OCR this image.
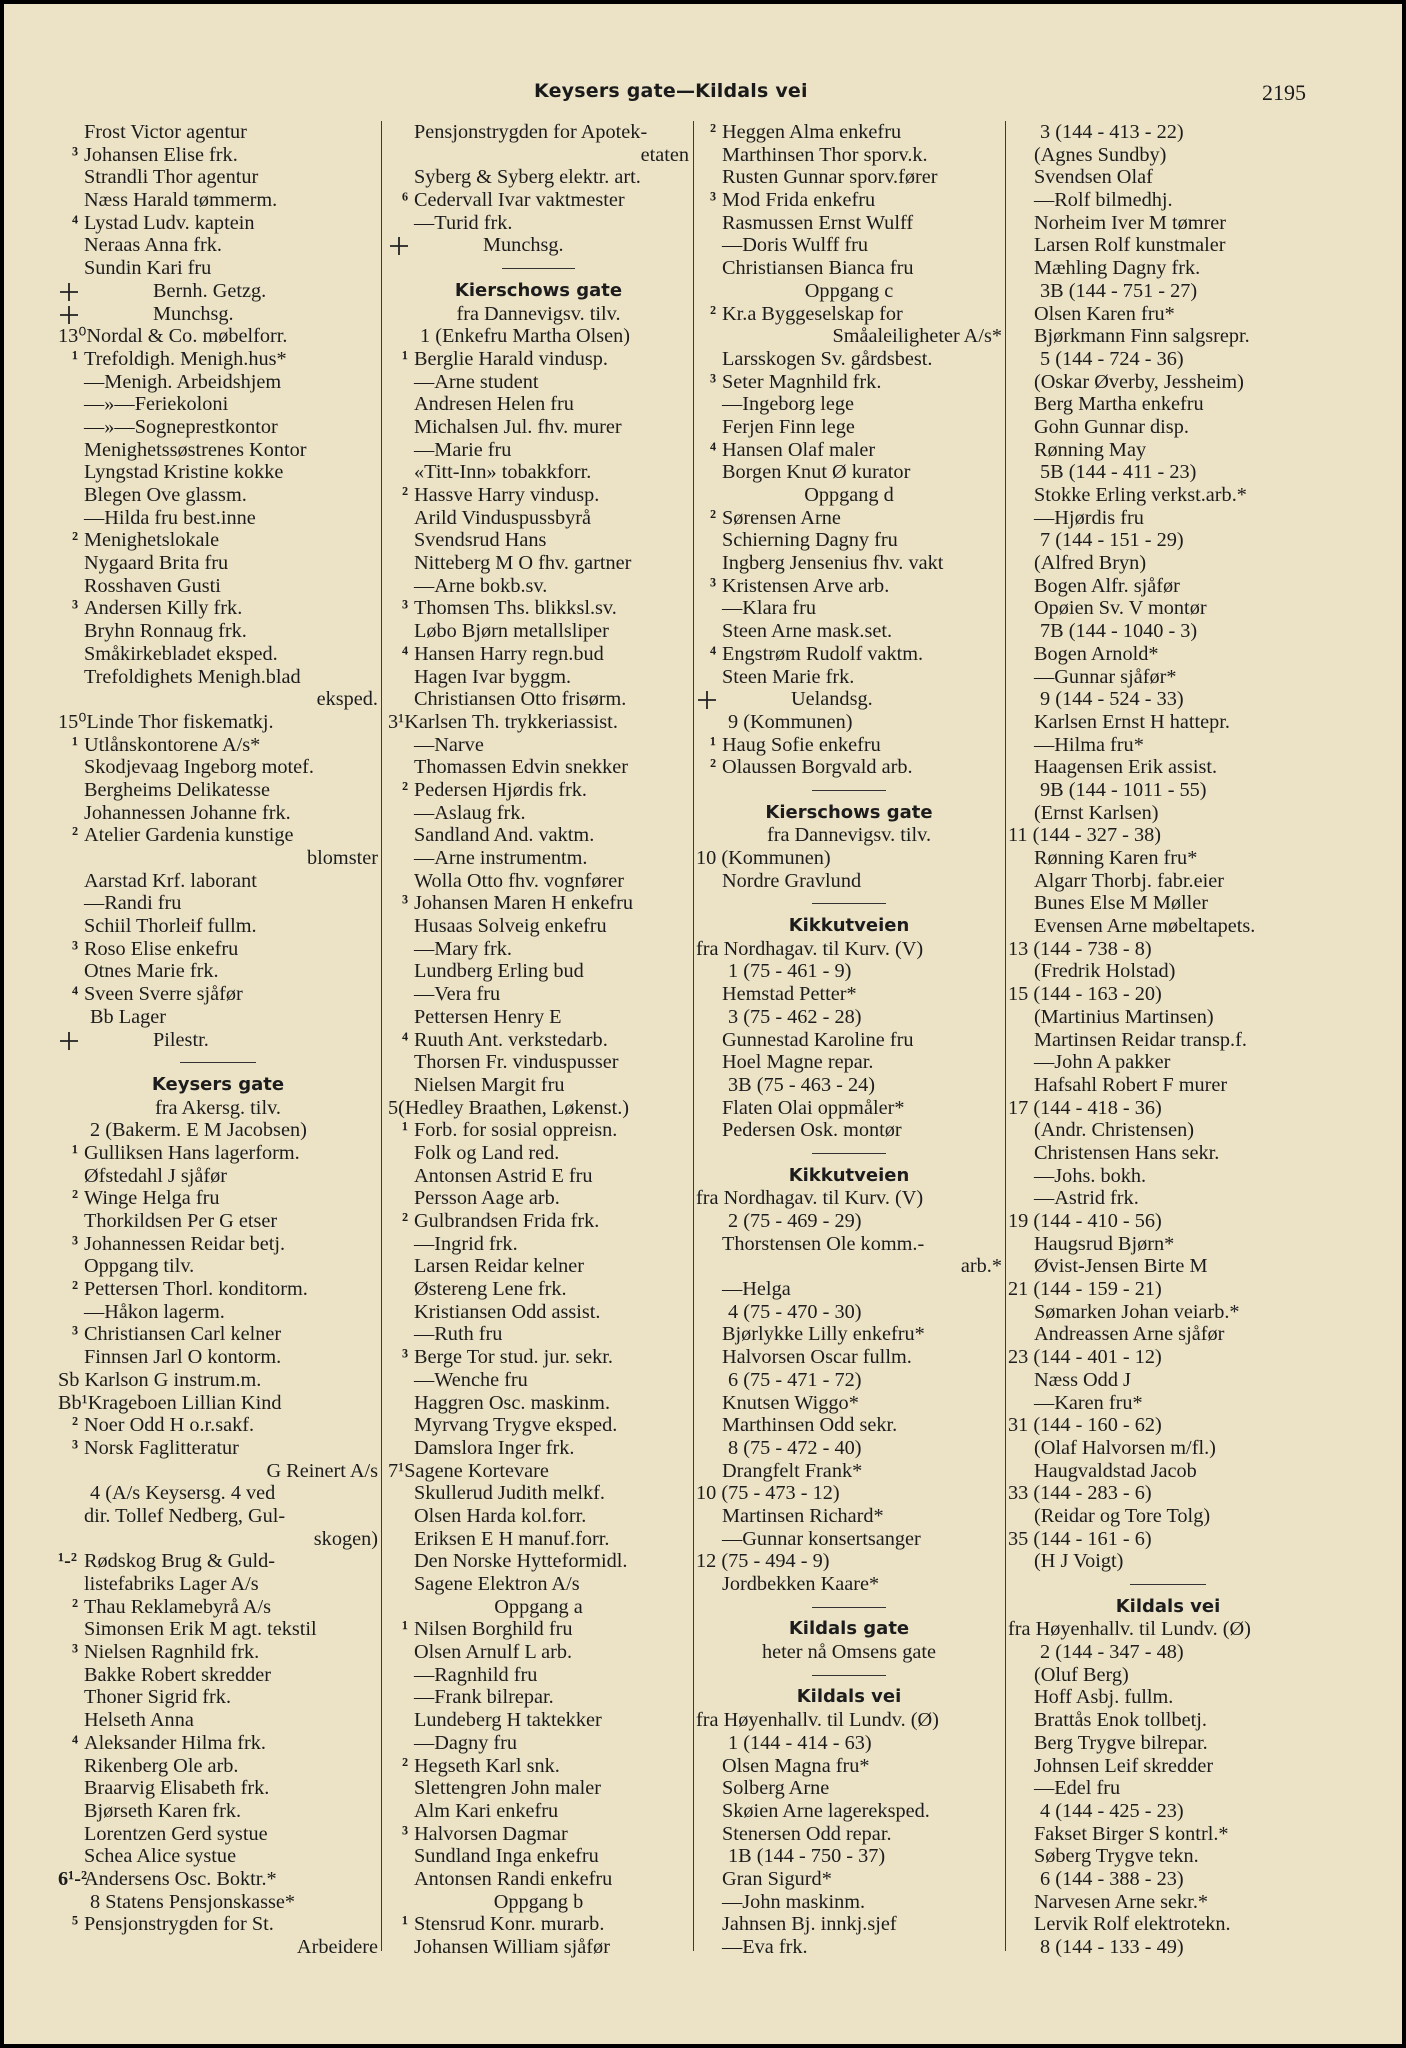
Keysers gate—Kildals vei	2195
Frost Victor agentur
³ Johansen Elise frk.
Strandli Thor agentur
Næss Harald tømmerm.
⁴ Lystad Ludv. kaptein
Neraas Anna frk.
Sundin Kari fru
Bernh. Getzg.
Munchsg.
13⁰Nordal & Co. møbelforr.
¹ Trefoldigh. Menigh.hus*
—Menigh. Arbeidshjem
—»—Feriekoloni
—»—Sogneprestkontor
Menighetssøstrenes Kontor
Lyngstad Kristine kokke
Blegen Ove glassm.
—Hilda fru best.inne
² Menighetslokale
Nygaard Brita fru
Rosshaven Gusti
³ Andersen Killy frk.
Bryhn Ronnaug frk.
Småkirkebladet eksped.
Trefoldighets Menigh.blad
eksped.
15⁰Linde Thor fiskematkj.
¹ Utlånskontorene A/s*
Skodjevaag Ingeborg motef.
Bergheims Delikatesse
Johannessen Johanne frk.
² Atelier Gardenia kunstige
blomster
Aarstad Krf. laborant
—Randi fru
Schiil Thorleif fullm.
³ Roso Elise enkefru
Otnes Marie frk.
⁴ Sveen Sverre sjåfør
Bb Lager
Pilestr.
Keysers gate
fra Akersg. tilv.
2 (Bakerm. E M Jacobsen)
¹ Gulliksen Hans lagerform.
Øfstedahl J sjåfør
² Winge Helga fru
Thorkildsen Per G etser
³ Johannessen Reidar betj.
Oppgang tilv.
² Pettersen Thorl. konditorm.
—Håkon lagerm.
³ Christiansen Carl kelner
Finnsen Jarl O kontorm.
Sb Karlson G instrum.m.
Bb¹Krageboen Lillian Kind
² Noer Odd H o.r.sakf.
³ Norsk Faglitteratur
G Reinert A/s
4 (A/s Keysersg. 4 ved
dir. Tollef Nedberg, Gul-
skogen)
¹‐² Rødskog Brug & Guld-
listefabriks Lager A/s
² Thau Reklamebyrå A/s
Simonsen Erik M agt. tekstil
³ Nielsen Ragnhild frk.
Bakke Robert skredder
Thoner Sigrid frk.
Helseth Anna
⁴ Aleksander Hilma frk.
Rikenberg Ole arb.
Braarvig Elisabeth frk.
Bjørseth Karen frk.
Lorentzen Gerd systue
Schea Alice systue
6¹‐²
Andersens Osc. Boktr.*
8 Statens Pensjonskasse*
⁵ Pensjonstrygden for St.
Arbeidere
Pensjonstrygden for Apotek-
etaten
Syberg & Syberg elektr. art.
⁶ Cedervall Ivar vaktmester
—Turid frk.
Munchsg.
Kierschows gate
fra Dannevigsv. tilv.
1 (Enkefru Martha Olsen)
¹ Berglie Harald vindusp.
—Arne student
Andresen Helen fru
Michalsen Jul. fhv. murer
—Marie fru
«Titt-Inn» tobakkforr.
² Hassve Harry vindusp.
Arild Vinduspussbyrå
Svendsrud Hans
Nitteberg M O fhv. gartner
—Arne bokb.sv.
³ Thomsen Ths. blikksl.sv.
Løbo Bjørn metallsliper
⁴ Hansen Harry regn.bud
Hagen Ivar byggm.
Christiansen Otto frisørm.
3¹Karlsen Th. trykkeriassist.
—Narve
Thomassen Edvin snekker
² Pedersen Hjørdis frk.
—Aslaug frk.
Sandland And. vaktm.
—Arne instrumentm.
Wolla Otto fhv. vognfører
³ Johansen Maren H enkefru
Husaas Solveig enkefru
—Mary frk.
Lundberg Erling bud
—Vera fru
Pettersen Henry E
⁴ Ruuth Ant. verkstedarb.
Thorsen Fr. vinduspusser
Nielsen Margit fru
5(Hedley Braathen, Løkenst.)
¹ Forb. for sosial oppreisn.
Folk og Land red.
Antonsen Astrid E fru
Persson Aage arb.
² Gulbrandsen Frida frk.
—Ingrid frk.
Larsen Reidar kelner
Østereng Lene frk.
Kristiansen Odd assist.
—Ruth fru
³ Berge Tor stud. jur. sekr.
—Wenche fru
Haggren Osc. maskinm.
Myrvang Trygve eksped.
Damslora Inger frk.
7¹Sagene Kortevare
Skullerud Judith melkf.
Olsen Harda kol.forr.
Eriksen E H manuf.forr.
Den Norske Hytteformidl.
Sagene Elektron A/s
Oppgang a
¹ Nilsen Borghild fru
Olsen Arnulf L arb.
—Ragnhild fru
—Frank bilrepar.
Lundeberg H taktekker
—Dagny fru
² Hegseth Karl snk.
Slettengren John maler
Alm Kari enkefru
³ Halvorsen Dagmar
Sundland Inga enkefru
Antonsen Randi enkefru
Oppgang b
¹ Stensrud Konr. murarb.
Johansen William sjåfør
² Heggen Alma enkefru
Marthinsen Thor sporv.k.
Rusten Gunnar sporv.fører
³ Mod Frida enkefru
Rasmussen Ernst Wulff
—Doris Wulff fru
Christiansen Bianca fru
Oppgang c
² Kr.a Byggeselskap for
Småaleiligheter A/s*
Larsskogen Sv. gårdsbest.
³ Seter Magnhild frk.
—Ingeborg lege
Ferjen Finn lege
⁴ Hansen Olaf maler
Borgen Knut Ø kurator
Oppgang d
² Sørensen Arne
Schierning Dagny fru
Ingberg Jensenius fhv. vakt
³ Kristensen Arve arb.
—Klara fru
Steen Arne mask.set.
⁴ Engstrøm Rudolf vaktm.
Steen Marie frk.
Uelandsg.
9 (Kommunen)
¹ Haug Sofie enkefru
² Olaussen Borgvald arb.
Kierschows gate
fra Dannevigsv. tilv.
10 (Kommunen)
Nordre Gravlund
Kikkutveien
fra Nordhagav. til Kurv. (V)
1 (75 - 461 - 9)
Hemstad Petter*
3 (75 - 462 - 28)
Gunnestad Karoline fru
Hoel Magne repar.
3B (75 - 463 - 24)
Flaten Olai oppmåler*
Pedersen Osk. montør
Kikkutveien
fra Nordhagav. til Kurv. (V)
2 (75 - 469 - 29)
Thorstensen Ole komm.-
arb.*
—Helga
4 (75 - 470 - 30)
Bjørlykke Lilly enkefru*
Halvorsen Oscar fullm.
6 (75 - 471 - 72)
Knutsen Wiggo*
Marthinsen Odd sekr.
8 (75 - 472 - 40)
Drangfelt Frank*
10 (75 - 473 - 12)
Martinsen Richard*
—Gunnar konsertsanger
12 (75 - 494 - 9)
Jordbekken Kaare*
Kildals gate
heter nå Omsens gate
Kildals vei
fra Høyenhallv. til Lundv. (Ø)
1 (144 - 414 - 63)
Olsen Magna fru*
Solberg Arne
Skøien Arne lagereksped.
Stenersen Odd repar.
1B (144 - 750 - 37)
Gran Sigurd*
—John maskinm.
Jahnsen Bj. innkj.sjef
—Eva frk.
3 (144 - 413 - 22)
(Agnes Sundby)
Svendsen Olaf
—Rolf bilmedhj.
Norheim Iver M tømrer
Larsen Rolf kunstmaler
Mæhling Dagny frk.
3B (144 - 751 - 27)
Olsen Karen fru*
Bjørkmann Finn salgsrepr.
5 (144 - 724 - 36)
(Oskar Øverby, Jessheim)
Berg Martha enkefru
Gohn Gunnar disp.
Rønning May
5B (144 - 411 - 23)
Stokke Erling verkst.arb.*
—Hjørdis fru
7 (144 - 151 - 29)
(Alfred Bryn)
Bogen Alfr. sjåfør
Opøien Sv. V montør
7B (144 - 1040 - 3)
Bogen Arnold*
—Gunnar sjåfør*
9 (144 - 524 - 33)
Karlsen Ernst H hattepr.
—Hilma fru*
Haagensen Erik assist.
9B (144 - 1011 - 55)
(Ernst Karlsen)
11 (144 - 327 - 38)
Rønning Karen fru*
Algarr Thorbj. fabr.eier
Bunes Else M Møller
Evensen Arne møbeltapets.
13 (144 - 738 - 8)
(Fredrik Holstad)
15 (144 - 163 - 20)
(Martinius Martinsen)
Martinsen Reidar transp.f.
—John A pakker
Hafsahl Robert F murer
17 (144 - 418 - 36)
(Andr. Christensen)
Christensen Hans sekr.
—Johs. bokh.
—Astrid frk.
19 (144 - 410 - 56)
Haugsrud Bjørn*
Øvist-Jensen Birte M
21 (144 - 159 - 21)
Sømarken Johan veiarb.*
Andreassen Arne sjåfør
23 (144 - 401 - 12)
Næss Odd J
—Karen fru*
31 (144 - 160 - 62)
(Olaf Halvorsen m/fl.)
Haugvaldstad Jacob
33 (144 - 283 - 6)
(Reidar og Tore Tolg)
35 (144 - 161 - 6)
(H J Voigt)
Kildals vei
fra Høyenhallv. til Lundv. (Ø)
2 (144 - 347 - 48)
(Oluf Berg)
Hoff Asbj. fullm.
Brattås Enok tollbetj.
Berg Trygve bilrepar.
Johnsen Leif skredder
—Edel fru
4 (144 - 425 - 23)
Fakset Birger S kontrl.*
Søberg Trygve tekn.
6 (144 - 388 - 23)
Narvesen Arne sekr.*
Lervik Rolf elektrotekn.
8 (144 - 133 - 49)
